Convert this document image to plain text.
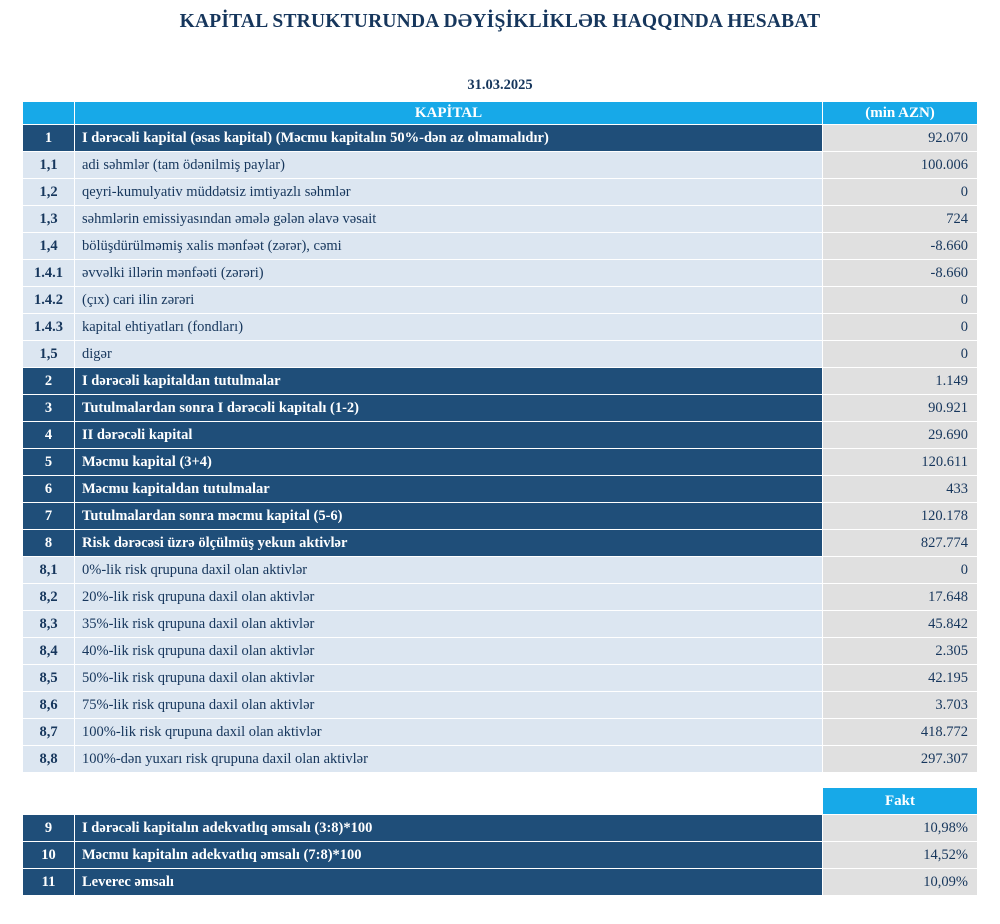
KAPİTAL STRUKTURUNDA DƏYİŞİKLİKLƏR HAQQINDA HESABAT
31.03.2025
	KAPİTAL	(min AZN)
1	I dərəcəli kapital (əsas kapital) (Məcmu kapitalın 50%-dən az olmamalıdır)	92.070
1,1	adi səhmlər (tam ödənilmiş paylar)	100.006
1,2	qeyri-kumulyativ müddətsiz imtiyazlı səhmlər	0
1,3	səhmlərin emissiyasından əmələ gələn əlavə vəsait	724
1,4	bölüşdürülməmiş xalis mənfəət (zərər), cəmi	-8.660
1.4.1	əvvəlki illərin mənfəəti (zərəri)	-8.660
1.4.2	(çıx) cari ilin zərəri	0
1.4.3	kapital ehtiyatları (fondları)	0
1,5	digər	0
2	I dərəcəli kapitaldan tutulmalar	1.149
3	Tutulmalardan sonra I dərəcəli kapitalı (1-2)	90.921
4	II dərəcəli kapital	29.690
5	Məcmu kapital (3+4)	120.611
6	Məcmu kapitaldan tutulmalar	433
7	Tutulmalardan sonra məcmu kapital (5-6)	120.178
8	Risk dərəcəsi üzrə ölçülmüş yekun aktivlər	827.774
8,1	0%-lik risk qrupuna daxil olan aktivlər	0
8,2	20%-lik risk qrupuna daxil olan aktivlər	17.648
8,3	35%-lik risk qrupuna daxil olan aktivlər	45.842
8,4	40%-lik risk qrupuna daxil olan aktivlər	2.305
8,5	50%-lik risk qrupuna daxil olan aktivlər	42.195
8,6	75%-lik risk qrupuna daxil olan aktivlər	3.703
8,7	100%-lik risk qrupuna daxil olan aktivlər	418.772
8,8	100%-dən yuxarı risk qrupuna daxil olan aktivlər	297.307
		Fakt
9	I dərəcəli kapitalın adekvatlıq əmsalı (3:8)*100	10,98%
10	Məcmu kapitalın adekvatlıq əmsalı (7:8)*100	14,52%
11	Leverec əmsalı	10,09%
